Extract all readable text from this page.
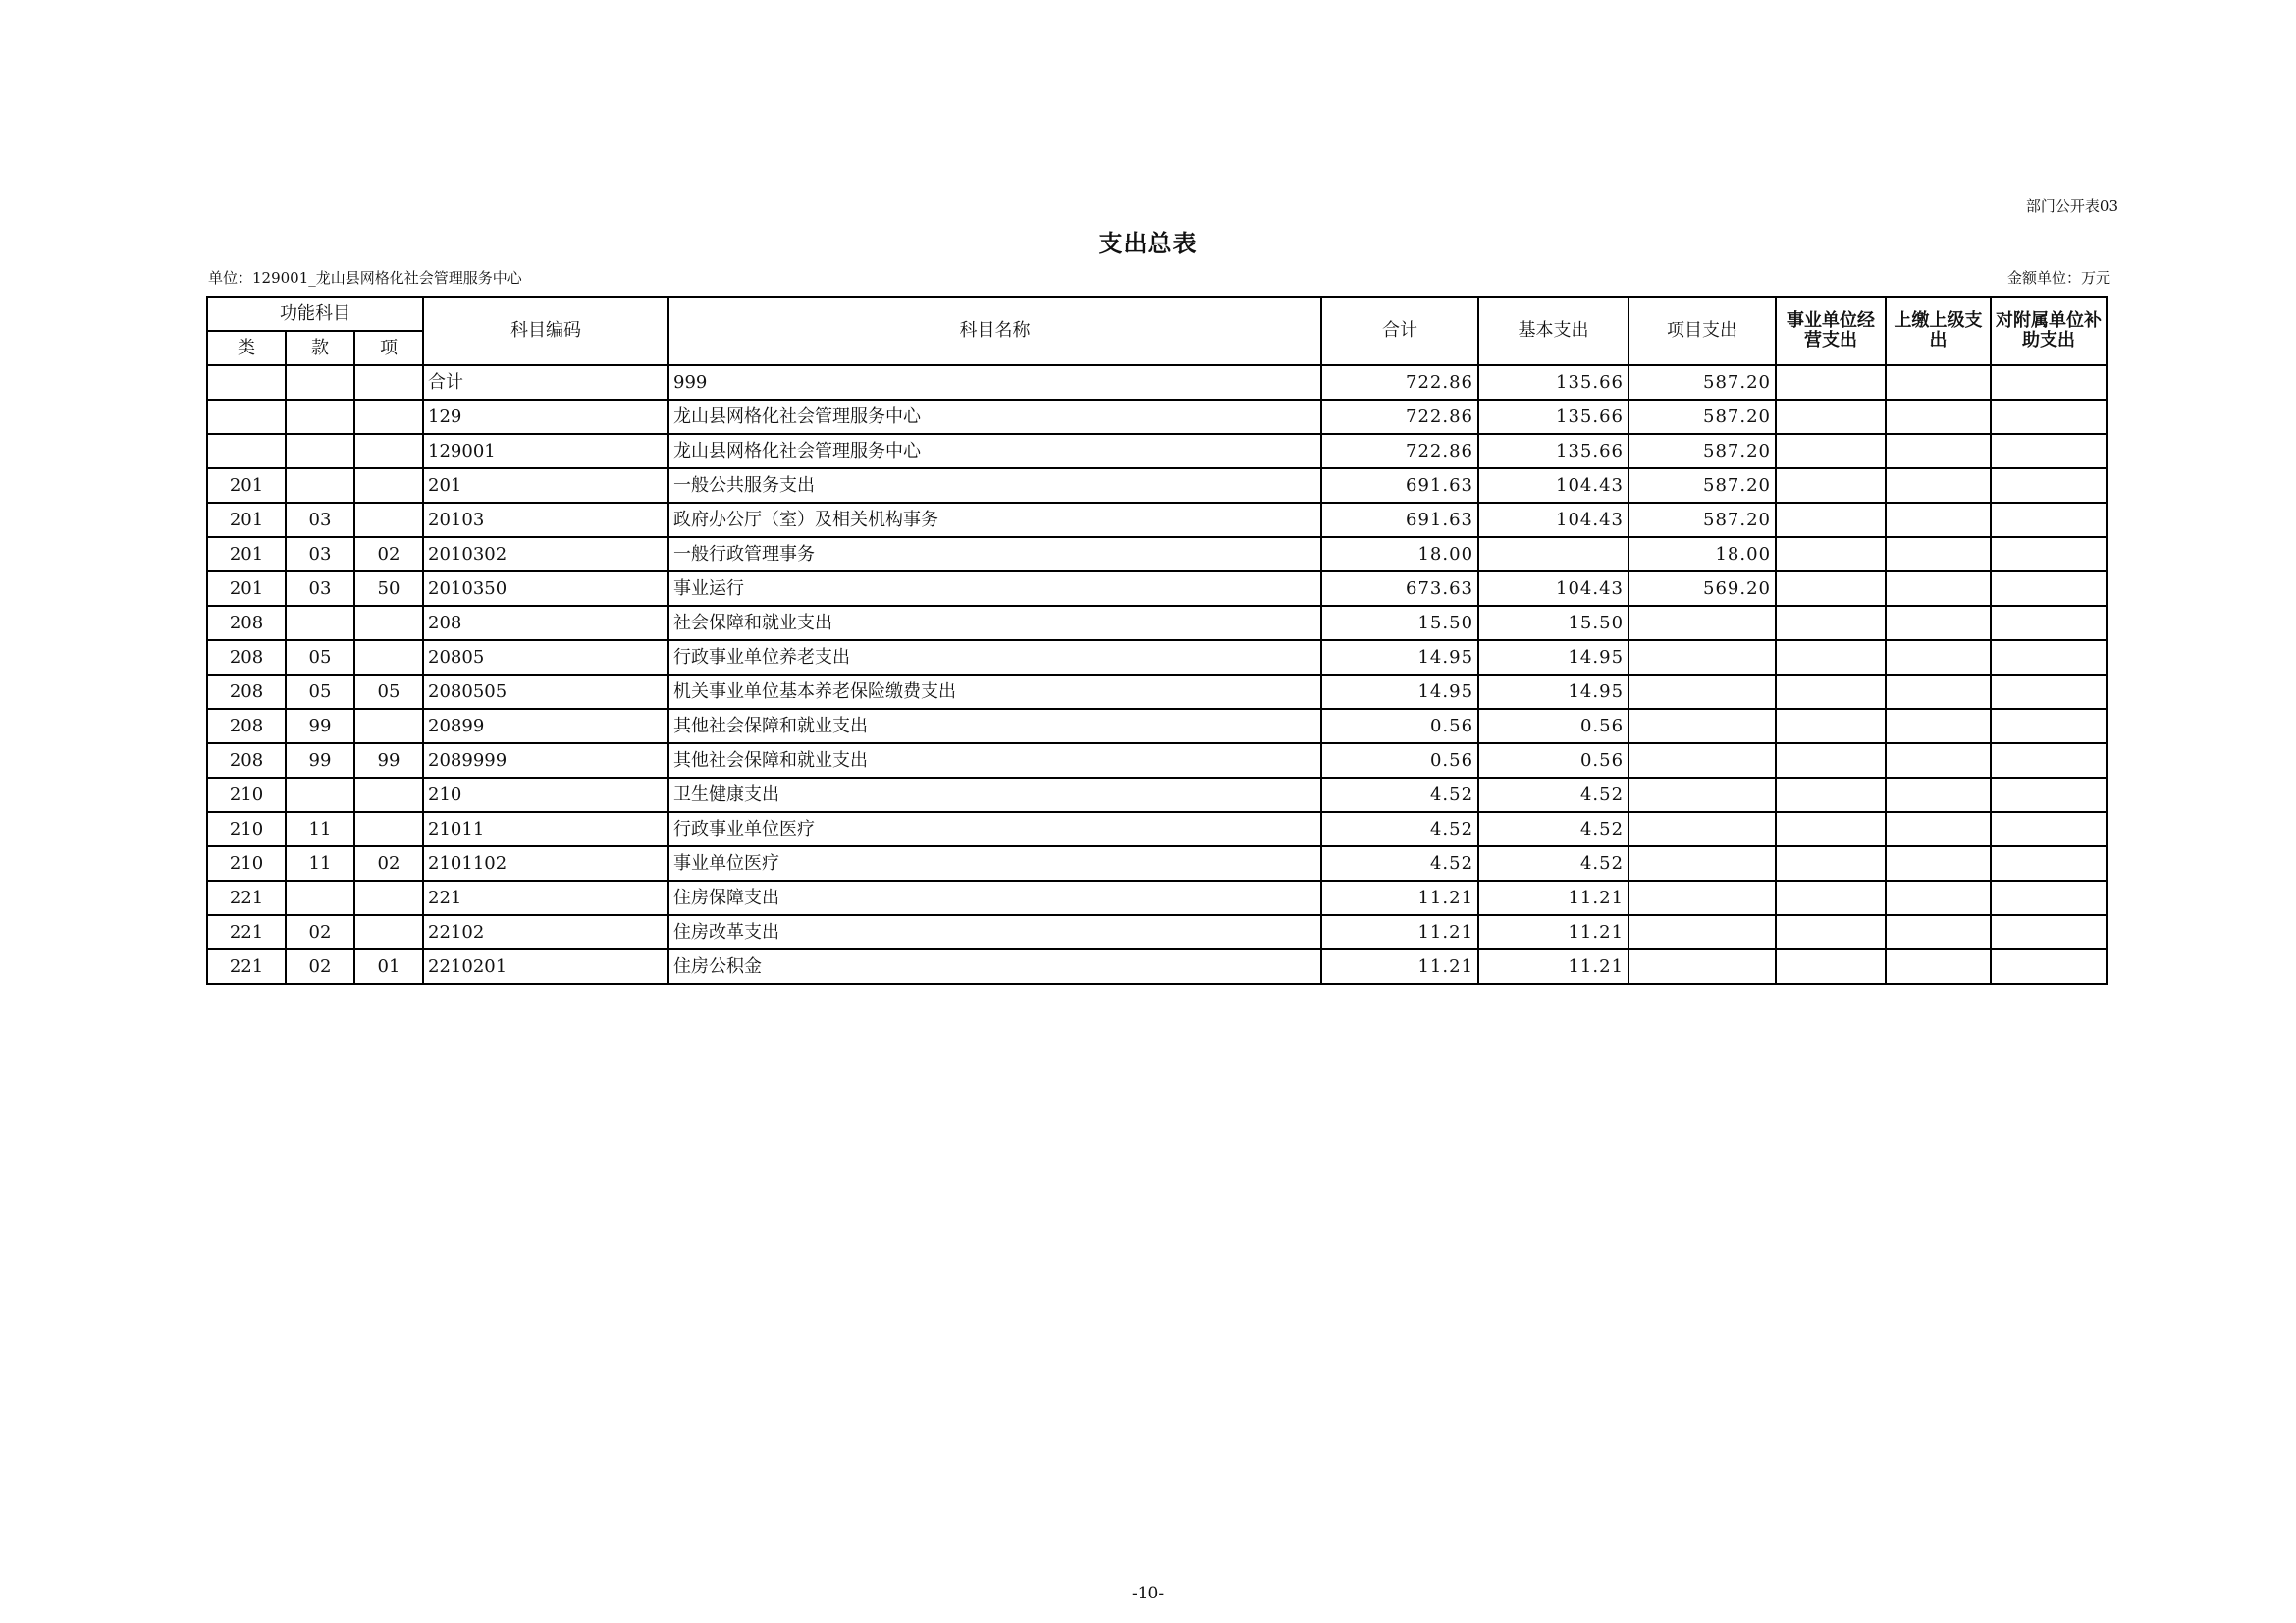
部门公开表03
支出总表
单位：129001_龙山县网格化社会管理服务中心	金额单位：万元
功能科目			科目编码	科目名称	合计	基本支出	项目支出	事业单位经营支出	上缴上级支出	对附属单位补助支出
类	款	项								
			合计	999	722.86	135.66	587.20			
			129	龙山县网格化社会管理服务中心	722.86	135.66	587.20			
			129001	龙山县网格化社会管理服务中心	722.86	135.66	587.20			
201			201	一般公共服务支出	691.63	104.43	587.20			
201	03		20103	政府办公厅（室）及相关机构事务	691.63	104.43	587.20			
201	03	02	2010302	一般行政管理事务	18.00		18.00			
201	03	50	2010350	事业运行	673.63	104.43	569.20			
208			208	社会保障和就业支出	15.50	15.50				
208	05		20805	行政事业单位养老支出	14.95	14.95				
208	05	05	2080505	机关事业单位基本养老保险缴费支出	14.95	14.95				
208	99		20899	其他社会保障和就业支出	0.56	0.56				
208	99	99	2089999	其他社会保障和就业支出	0.56	0.56				
210			210	卫生健康支出	4.52	4.52				
210	11		21011	行政事业单位医疗	4.52	4.52				
210	11	02	2101102	事业单位医疗	4.52	4.52				
221			221	住房保障支出	11.21	11.21				
221	02		22102	住房改革支出	11.21	11.21				
221	02	01	2210201	住房公积金	11.21	11.21				
-10-
